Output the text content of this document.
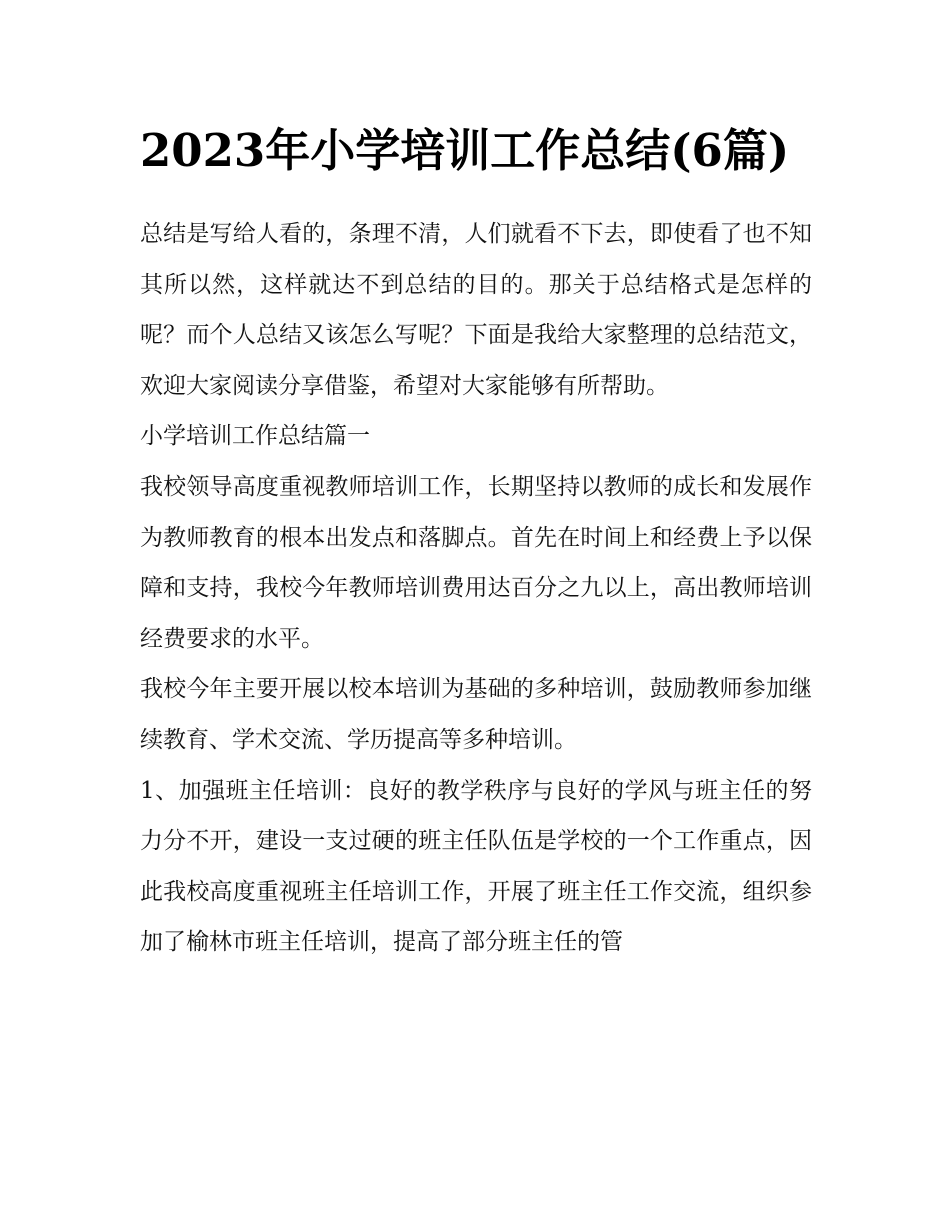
2023年小学培训工作总结(6篇)

总结是写给人看的，条理不清，人们就看不下去，即使看了也不知其所以然，这样就达不到总结的目的。那关于总结格式是怎样的呢？而个人总结又该怎么写呢？下面是我给大家整理的总结范文，欢迎大家阅读分享借鉴，希望对大家能够有所帮助。

小学培训工作总结篇一

我校领导高度重视教师培训工作，长期坚持以教师的成长和发展作为教师教育的根本出发点和落脚点。首先在时间上和经费上予以保障和支持，我校今年教师培训费用达百分之九以上，高出教师培训经费要求的水平。

我校今年主要开展以校本培训为基础的多种培训，鼓励教师参加继续教育、学术交流、学历提高等多种培训。

1、加强班主任培训：良好的教学秩序与良好的学风与班主任的努力分不开，建设一支过硬的班主任队伍是学校的一个工作重点，因此我校高度重视班主任培训工作，开展了班主任工作交流，组织参加了榆林市班主任培训，提高了部分班主任的管
